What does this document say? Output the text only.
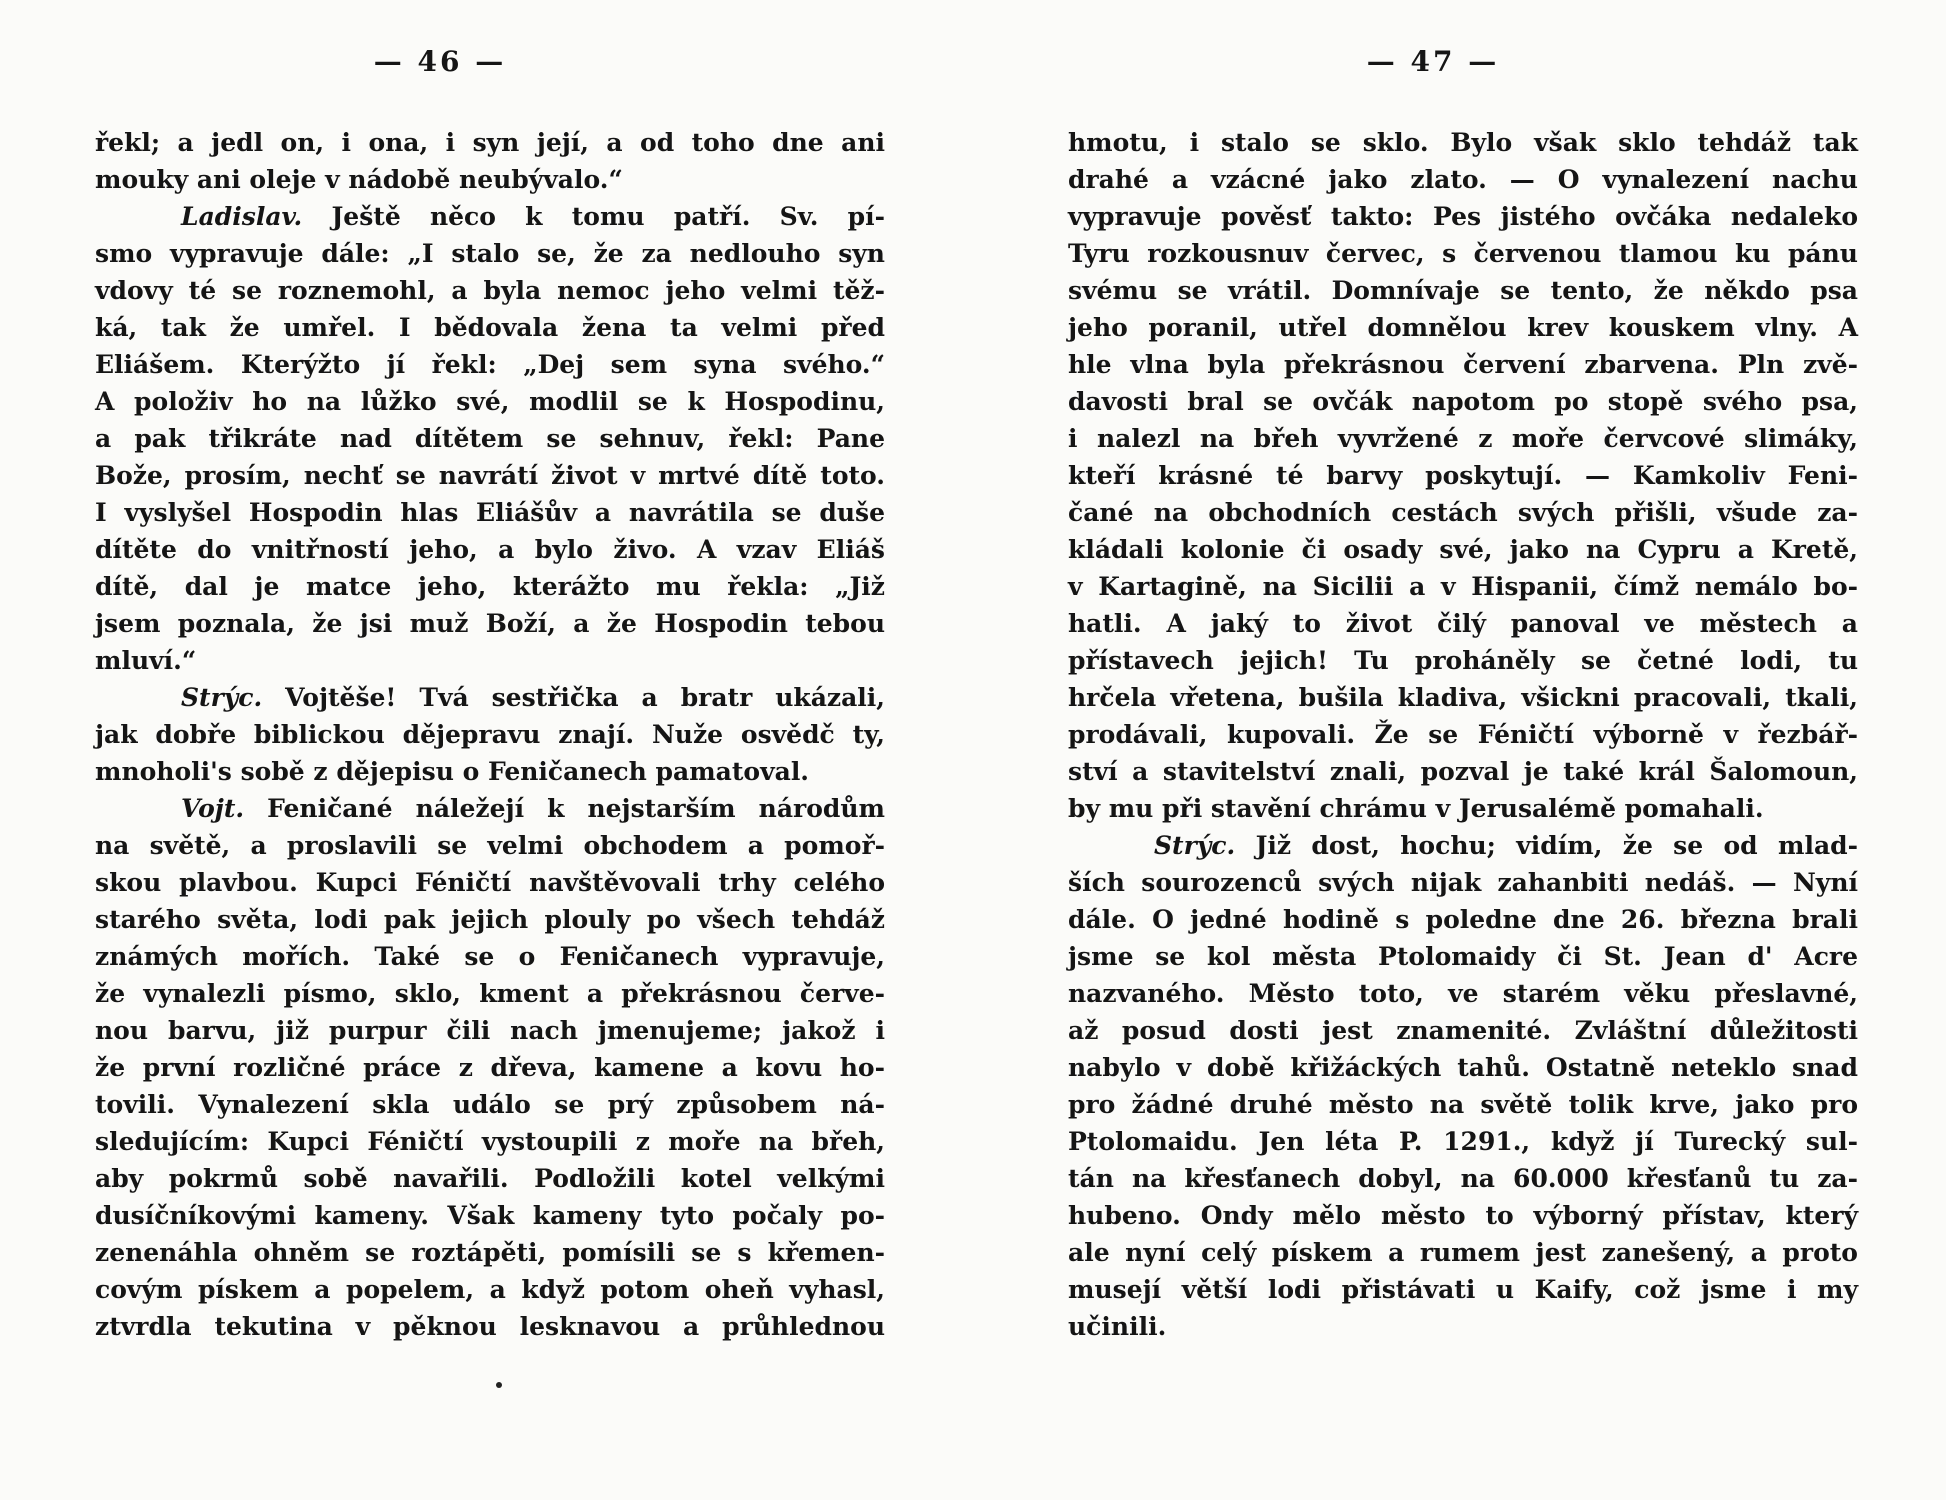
— 46 —
řekl; a jedl on, i ona, i syn její, a od toho dne ani
mouky ani oleje v nádobě neubývalo.“
Ladislav. Ještě něco k tomu patří. Sv. pí-
smo vypravuje dále: „I stalo se, že za nedlouho syn
vdovy té se roznemohl, a byla nemoc jeho velmi těž-
ká, tak že umřel. I bědovala žena ta velmi před
Eliášem. Kterýžto jí řekl: „Dej sem syna svého.“
A položiv ho na lůžko své, modlil se k Hospodinu,
a pak třikráte nad dítětem se sehnuv, řekl: Pane
Bože, prosím, nechť se navrátí život v mrtvé dítě toto.
I vyslyšel Hospodin hlas Eliášův a navrátila se duše
dítěte do vnitřností jeho, a bylo živo. A vzav Eliáš
dítě, dal je matce jeho, kterážto mu řekla: „Již
jsem poznala, že jsi muž Boží, a že Hospodin tebou
mluví.“
Strýc. Vojtěše! Tvá sestřička a bratr ukázali,
jak dobře biblickou dějepravu znají. Nuže osvědč ty,
mnoholi's sobě z dějepisu o Feničanech pamatoval.
Vojt. Feničané náležejí k nejstarším národům
na světě, a proslavili se velmi obchodem a pomoř-
skou plavbou. Kupci Féničtí navštěvovali trhy celého
starého světa, lodi pak jejich plouly po všech tehdáž
známých mořích. Také se o Feničanech vypravuje,
že vynalezli písmo, sklo, kment a překrásnou červe-
nou barvu, již purpur čili nach jmenujeme; jakož i
že první rozličné práce z dřeva, kamene a kovu ho-
tovili. Vynalezení skla událo se prý způsobem ná-
sledujícím: Kupci Féničtí vystoupili z moře na břeh,
aby pokrmů sobě navařili. Podložili kotel velkými
dusíčníkovými kameny. Však kameny tyto počaly po-
zenenáhla ohněm se roztápěti, pomísili se s křemen-
covým pískem a popelem, a když potom oheň vyhasl,
ztvrdla tekutina v pěknou lesknavou a průhlednou
— 47 —
hmotu, i stalo se sklo. Bylo však sklo tehdáž tak
drahé a vzácné jako zlato. — O vynalezení nachu
vypravuje pověsť takto: Pes jistého ovčáka nedaleko
Tyru rozkousnuv červec, s červenou tlamou ku pánu
svému se vrátil. Domnívaje se tento, že někdo psa
jeho poranil, utřel domnělou krev kouskem vlny. A
hle vlna byla překrásnou červení zbarvena. Pln zvě-
davosti bral se ovčák napotom po stopě svého psa,
i nalezl na břeh vyvržené z moře červcové slimáky,
kteří krásné té barvy poskytují. — Kamkoliv Feni-
čané na obchodních cestách svých přišli, všude za-
kládali kolonie či osady své, jako na Cypru a Kretě,
v Kartagině, na Sicilii a v Hispanii, čímž nemálo bo-
hatli. A jaký to život čilý panoval ve městech a
přístavech jejich! Tu proháněly se četné lodi, tu
hrčela vřetena, bušila kladiva, všickni pracovali, tkali,
prodávali, kupovali. Že se Féničtí výborně v řezbář-
ství a stavitelství znali, pozval je také král Šalomoun,
by mu při stavění chrámu v Jerusalémě pomahali.
Strýc. Již dost, hochu; vidím, že se od mlad-
ších sourozenců svých nijak zahanbiti nedáš. — Nyní
dále. O jedné hodině s poledne dne 26. března brali
jsme se kol města Ptolomaidy či St. Jean d' Acre
nazvaného. Město toto, ve starém věku přeslavné,
až posud dosti jest znamenité. Zvláštní důležitosti
nabylo v době křižáckých tahů. Ostatně neteklo snad
pro žádné druhé město na světě tolik krve, jako pro
Ptolomaidu. Jen léta P. 1291., když jí Turecký sul-
tán na křesťanech dobyl, na 60.000 křesťanů tu za-
hubeno. Ondy mělo město to výborný přístav, který
ale nyní celý pískem a rumem jest zanešený, a proto
musejí větší lodi přistávati u Kaify, což jsme i my
učinili.
